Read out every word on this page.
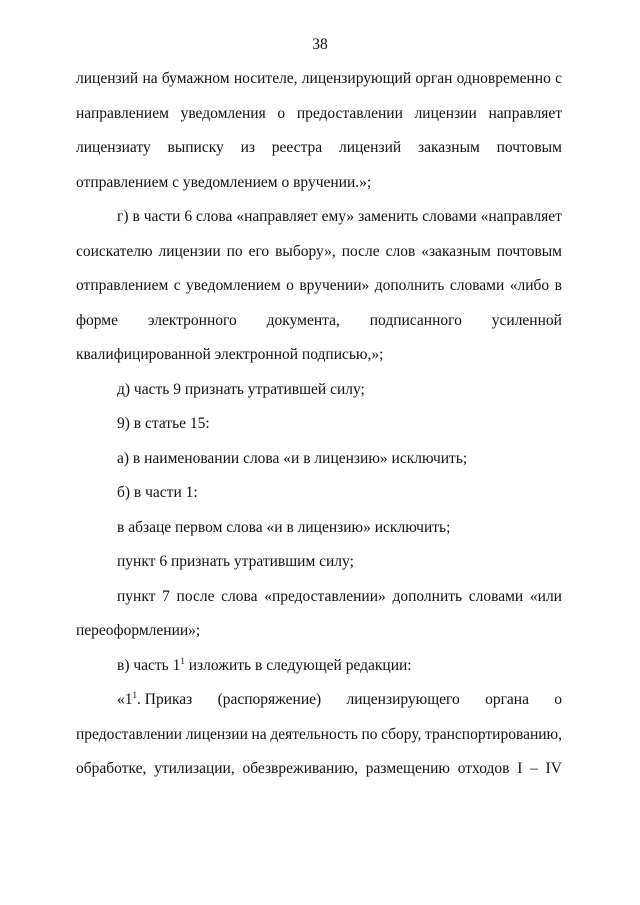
38
лицензий на бумажном носителе, лицензирующий орган одновременно с
направлением уведомления о предоставлении лицензии направляет
лицензиату выписку из реестра лицензий заказным почтовым
отправлением с уведомлением о вручении.»;
г) в части 6 слова «направляет ему» заменить словами «направляет
соискателю лицензии по его выбору», после слов «заказным почтовым
отправлением с уведомлением о вручении» дополнить словами «либо в
форме электронного документа, подписанного усиленной
квалифицированной электронной подписью,»;
д) часть 9 признать утратившей силу;
9) в статье 15:
а) в наименовании слова «и в лицензию» исключить;
б) в части 1:
в абзаце первом слова «и в лицензию» исключить;
пункт 6 признать утратившим силу;
пункт 7 после слова «предоставлении» дополнить словами «или
переоформлении»;
в) часть $1^1$ изложить в следующей редакции:
«$1^1$. Приказ (распоряжение) лицензирующего органа о
предоставлении лицензии на деятельность по сбору, транспортированию,
обработке, утилизации, обезвреживанию, размещению отходов I – IV
